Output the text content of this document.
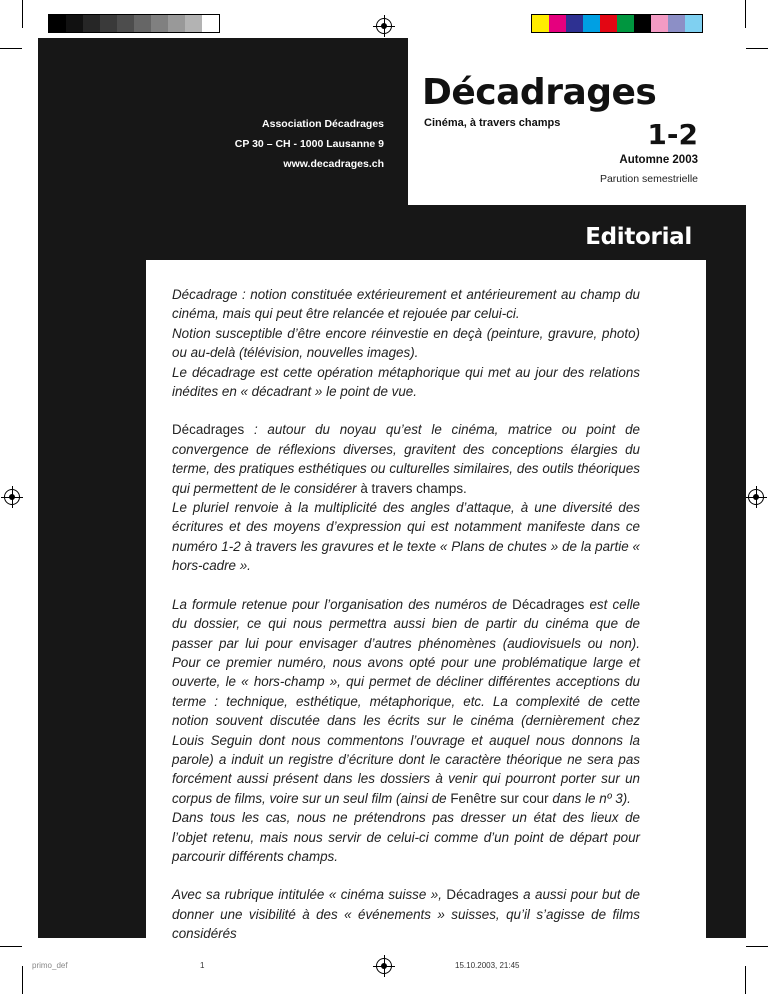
Association Décadrages
CP 30 – CH - 1000 Lausanne 9
www.decadrages.ch
Décadrages
Cinéma, à travers champs	1-2
Automne 2003
Parution semestrielle
Editorial

Décadrage : notion constituée extérieurement et antérieurement au champ du cinéma, mais qui peut être relancée et rejouée par celui-ci.
Notion susceptible d’être encore réinvestie en deçà (peinture, gravure, photo) ou au-delà (télévision, nouvelles images).
Le décadrage est cette opération métaphorique qui met au jour des relations inédites en « décadrant » le point de vue.

Décadrages : autour du noyau qu’est le cinéma, matrice ou point de convergence de réflexions diverses, gravitent des conceptions élargies du terme, des pratiques esthétiques ou culturelles similaires, des outils théoriques qui permettent de le considérer à travers champs.
Le pluriel renvoie à la multiplicité des angles d’attaque, à une diversité des écritures et des moyens d’expression qui est notamment manifeste dans ce numéro 1-2 à travers les gravures et le texte « Plans de chutes » de la partie « hors-cadre ».

La formule retenue pour l’organisation des numéros de Décadrages est celle du dossier, ce qui nous permettra aussi bien de partir du cinéma que de passer par lui pour envisager d’autres phénomènes (audiovisuels ou non). Pour ce premier numéro, nous avons opté pour une problématique large et ouverte, le « hors-champ », qui permet de décliner différentes acceptions du terme : technique, esthétique, métaphorique, etc. La complexité de cette notion souvent discutée dans les écrits sur le cinéma (dernièrement chez Louis Seguin dont nous commentons l’ouvrage et auquel nous donnons la parole) a induit un registre d’écriture dont le caractère théorique ne sera pas forcément aussi présent dans les dossiers à venir qui pourront porter sur un corpus de films, voire sur un seul film (ainsi de Fenêtre sur cour dans le nº 3).
Dans tous les cas, nous ne prétendrons pas dresser un état des lieux de l’objet retenu, mais nous servir de celui-ci comme d’un point de départ pour parcourir différents champs.

Avec sa rubrique intitulée « cinéma suisse », Décadrages a aussi pour but de donner une visibilité à des « événements » suisses, qu’il s’agisse de films considérés

primo_def	1	15.10.2003, 21:45
